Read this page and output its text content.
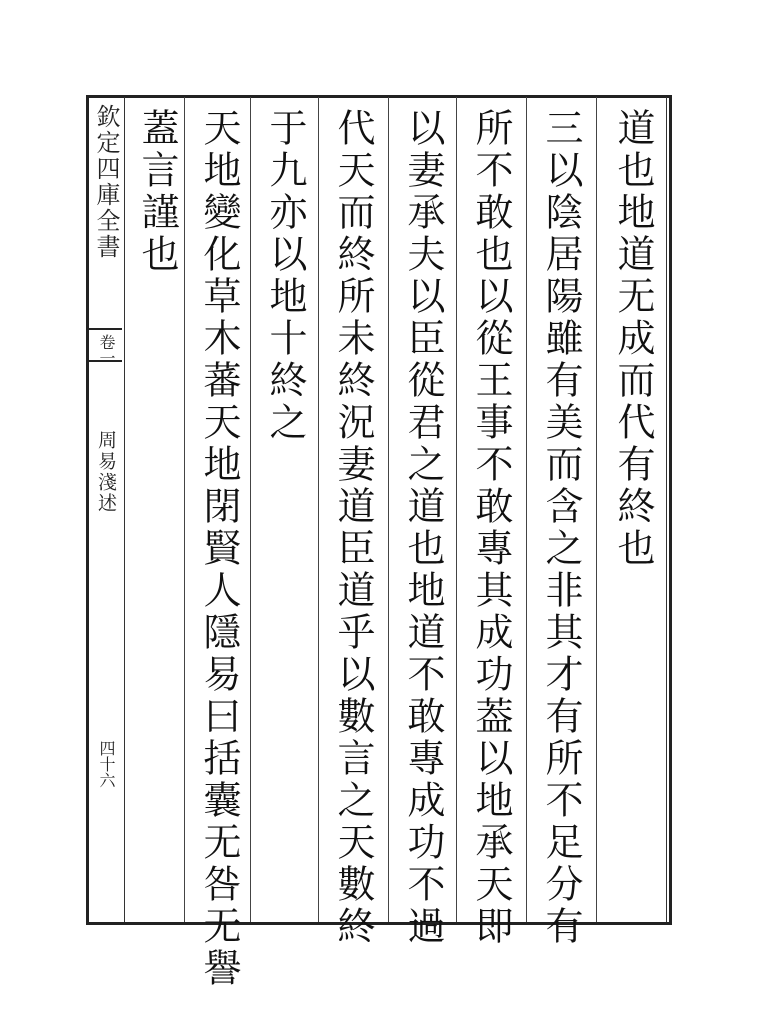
欽定四庫全書
卷一
周易淺述
四十六
道也地道无成而代有終也
三以陰居陽雖有美而含之非其才有所不足分有
所不敢也以從王事不敢專其成功葢以地承天即
以妻承夫以臣從君之道也地道不敢專成功不過
代天而終所未終況妻道臣道乎以數言之天數終
于九亦以地十終之
天地變化草木蕃天地閉賢人隱易曰括囊无咎无譽
蓋言謹也
